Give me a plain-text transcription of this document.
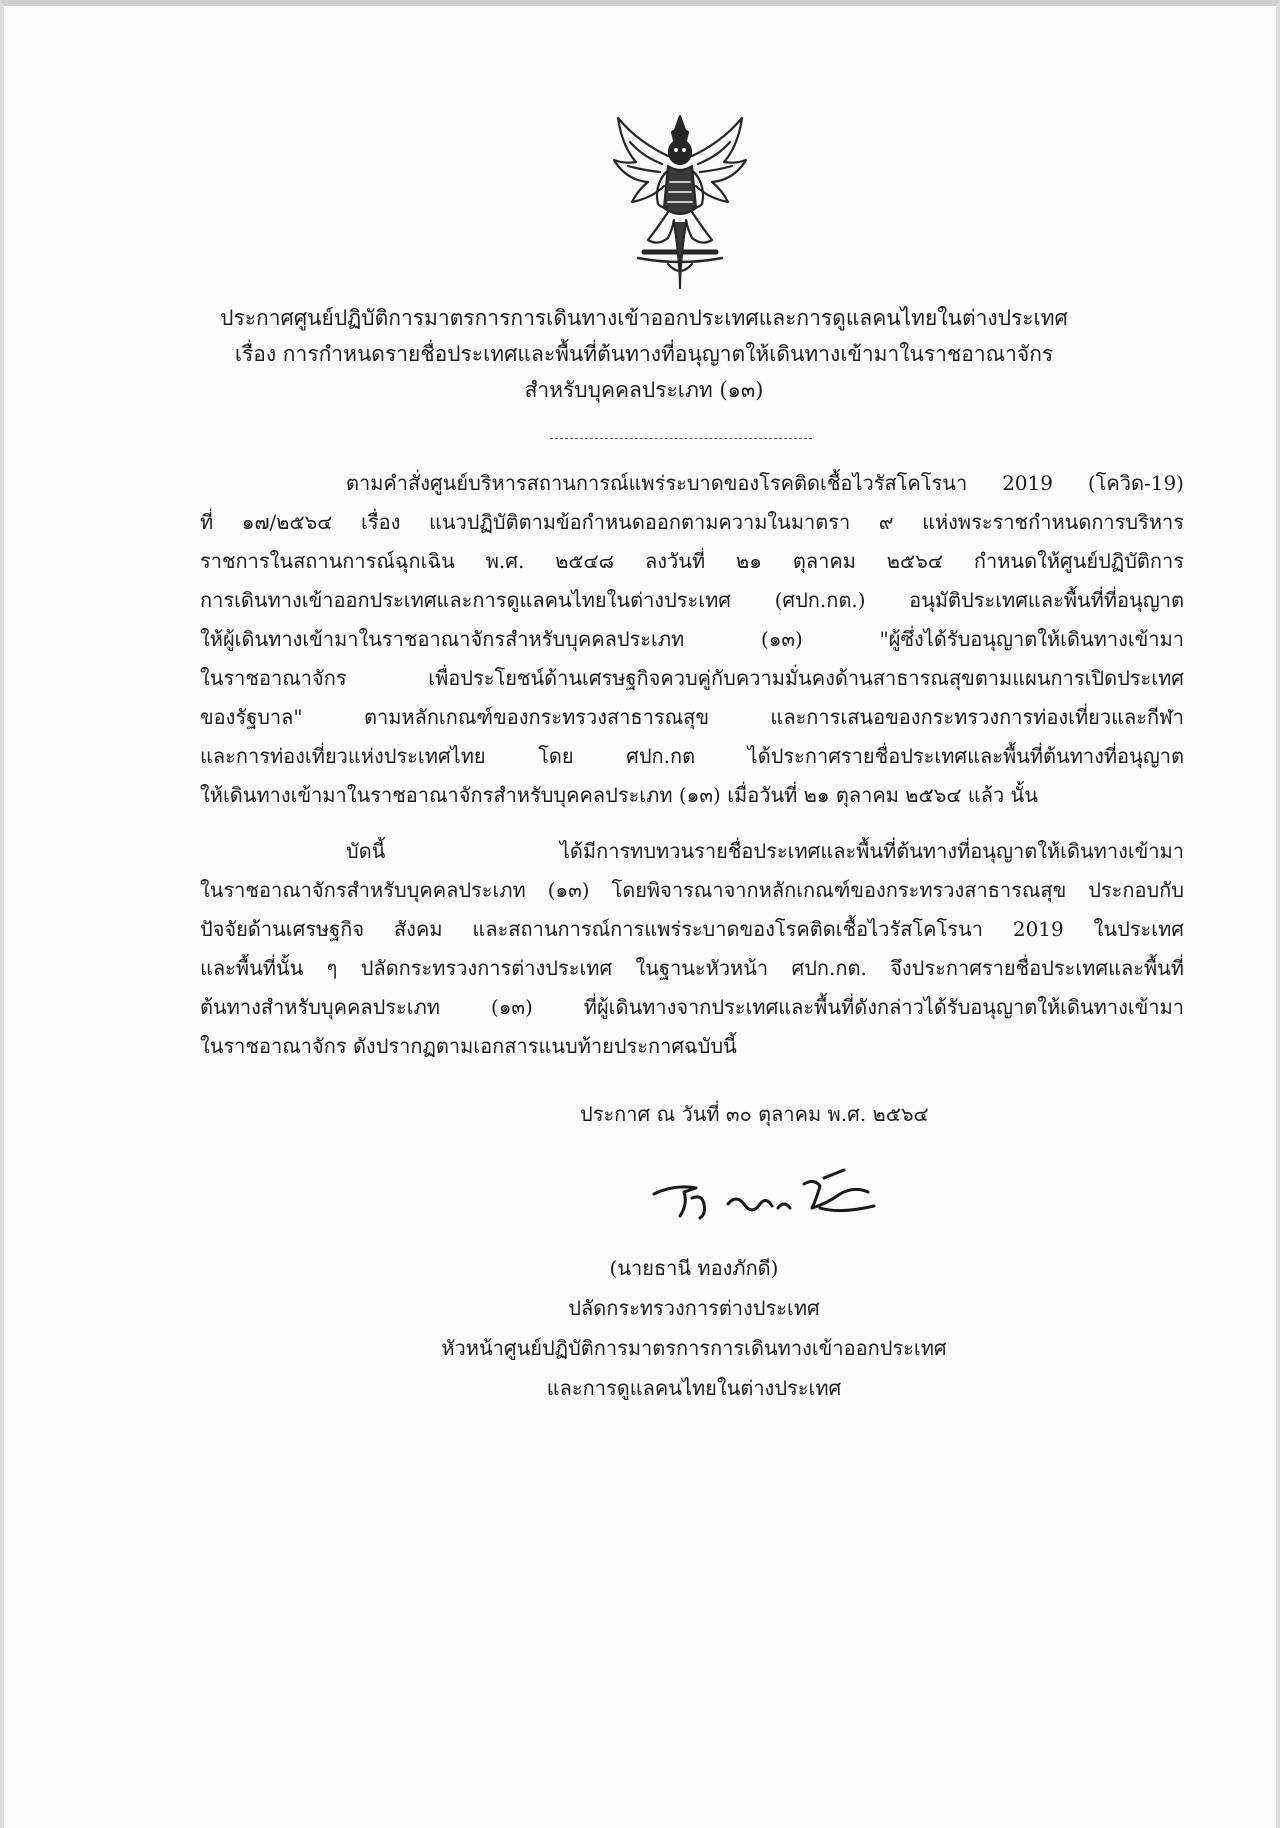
ประกาศศูนย์ปฏิบัติการมาตรการการเดินทางเข้าออกประเทศและการดูแลคนไทยในต่างประเทศ
เรื่อง การกำหนดรายชื่อประเทศและพื้นที่ต้นทางที่อนุญาตให้เดินทางเข้ามาในราชอาณาจักร
สำหรับบุคคลประเภท (๑๓)
ตามคำสั่งศูนย์บริหารสถานการณ์แพร่ระบาดของโรคติดเชื้อไวรัสโคโรนา 2019 (โควิด-19)
ที่ ๑๗/๒๕๖๔ เรื่อง แนวปฏิบัติตามข้อกำหนดออกตามความในมาตรา ๙ แห่งพระราชกำหนดการบริหาร
ราชการในสถานการณ์ฉุกเฉิน พ.ศ. ๒๕๔๘ ลงวันที่ ๒๑ ตุลาคม ๒๕๖๔ กำหนดให้ศูนย์ปฏิบัติการ
การเดินทางเข้าออกประเทศและการดูแลคนไทยในต่างประเทศ (ศปก.กต.) อนุมัติประเทศและพื้นที่ที่อนุญาต
ให้ผู้เดินทางเข้ามาในราชอาณาจักรสำหรับบุคคลประเภท (๑๓) "ผู้ซึ่งได้รับอนุญาตให้เดินทางเข้ามา
ในราชอาณาจักร เพื่อประโยชน์ด้านเศรษฐกิจควบคู่กับความมั่นคงด้านสาธารณสุขตามแผนการเปิดประเทศ
ของรัฐบาล" ตามหลักเกณฑ์ของกระทรวงสาธารณสุข และการเสนอของกระทรวงการท่องเที่ยวและกีฬา
และการท่องเที่ยวแห่งประเทศไทย โดย ศปก.กต ได้ประกาศรายชื่อประเทศและพื้นที่ต้นทางที่อนุญาต
ให้เดินทางเข้ามาในราชอาณาจักรสำหรับบุคคลประเภท (๑๓) เมื่อวันที่ ๒๑ ตุลาคม ๒๕๖๔ แล้ว นั้น
บัดนี้ ได้มีการทบทวนรายชื่อประเทศและพื้นที่ต้นทางที่อนุญาตให้เดินทางเข้ามา
ในราชอาณาจักรสำหรับบุคคลประเภท (๑๓) โดยพิจารณาจากหลักเกณฑ์ของกระทรวงสาธารณสุข ประกอบกับ
ปัจจัยด้านเศรษฐกิจ สังคม และสถานการณ์การแพร่ระบาดของโรคติดเชื้อไวรัสโคโรนา 2019 ในประเทศ
และพื้นที่นั้น ๆ ปลัดกระทรวงการต่างประเทศ ในฐานะหัวหน้า ศปก.กต. จึงประกาศรายชื่อประเทศและพื้นที่
ต้นทางสำหรับบุคคลประเภท (๑๓) ที่ผู้เดินทางจากประเทศและพื้นที่ดังกล่าวได้รับอนุญาตให้เดินทางเข้ามา
ในราชอาณาจักร ดังปรากฏตามเอกสารแนบท้ายประกาศฉบับนี้
ประกาศ ณ วันที่ ๓๐ ตุลาคม พ.ศ. ๒๕๖๔
(นายธานี ทองภักดี)
ปลัดกระทรวงการต่างประเทศ
หัวหน้าศูนย์ปฏิบัติการมาตรการการเดินทางเข้าออกประเทศ
และการดูแลคนไทยในต่างประเทศ
